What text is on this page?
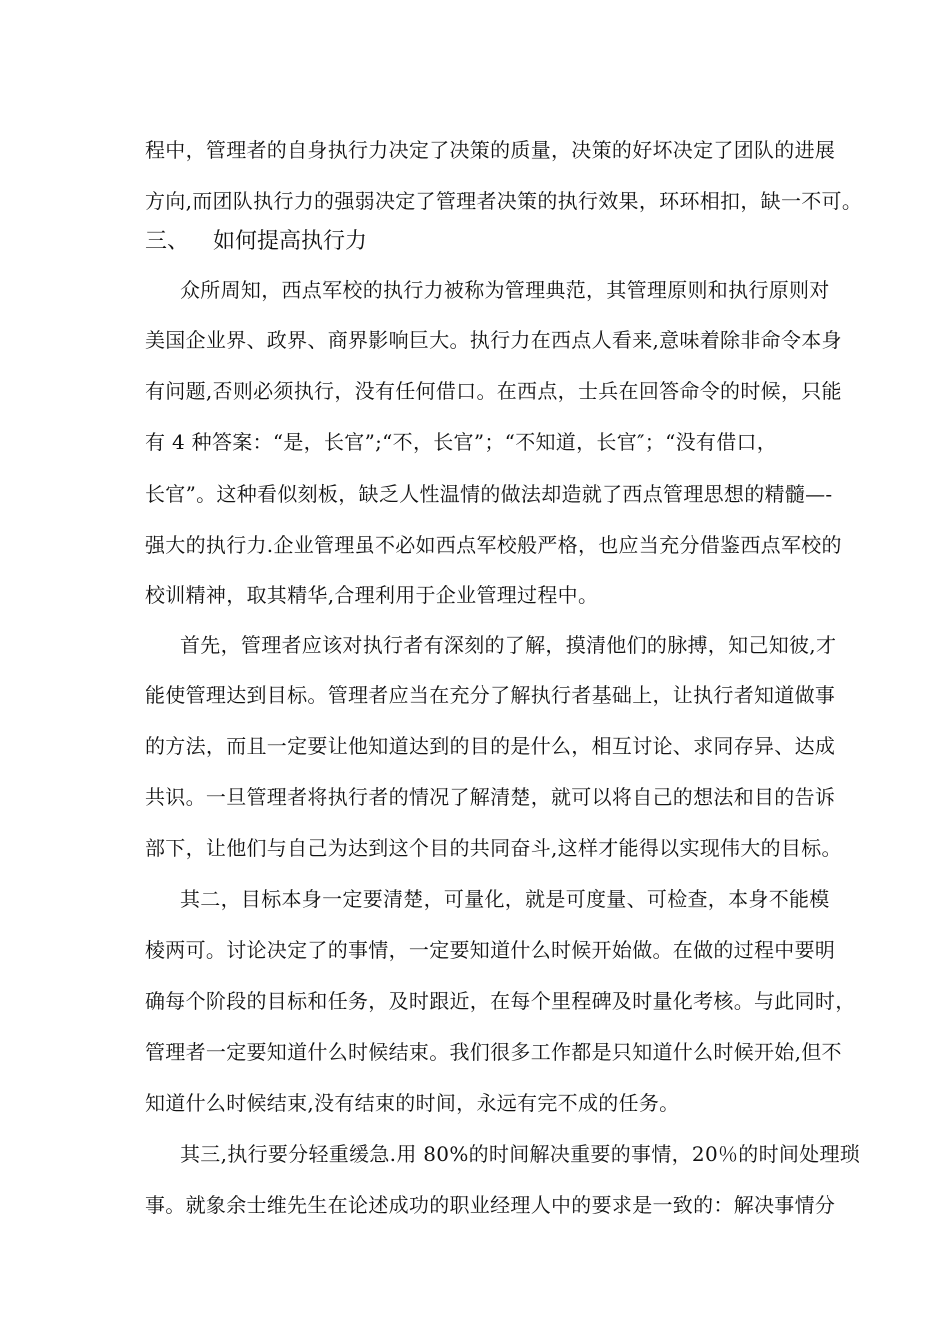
程中，管理者的自身执行力决定了决策的质量，决策的好坏决定了团队的进展
方向,而团队执行力的强弱决定了管理者决策的执行效果，环环相扣，缺一不可。
三、 如何提高执行力
众所周知，西点军校的执行力被称为管理典范，其管理原则和执行原则对
美国企业界、政界、商界影响巨大。执行力在西点人看来,意味着除非命令本身
有问题,否则必须执行，没有任何借口。在西点，士兵在回答命令的时候，只能
有 4 种答案：“是，长官”;“不，长官”；“不知道，长官″；“没有借口，
长官”。这种看似刻板，缺乏人性温情的做法却造就了西点管理思想的精髓—-
强大的执行力.企业管理虽不必如西点军校般严格，也应当充分借鉴西点军校的
校训精神，取其精华,合理利用于企业管理过程中。
首先，管理者应该对执行者有深刻的了解，摸清他们的脉搏，知己知彼,才
能使管理达到目标。管理者应当在充分了解执行者基础上，让执行者知道做事
的方法，而且一定要让他知道达到的目的是什么，相互讨论、求同存异、达成
共识。一旦管理者将执行者的情况了解清楚，就可以将自己的想法和目的告诉
部下，让他们与自己为达到这个目的共同奋斗,这样才能得以实现伟大的目标。
其二，目标本身一定要清楚，可量化，就是可度量、可检查，本身不能模
棱两可。讨论决定了的事情，一定要知道什么时候开始做。在做的过程中要明
确每个阶段的目标和任务，及时跟近，在每个里程碑及时量化考核。与此同时，
管理者一定要知道什么时候结束。我们很多工作都是只知道什么时候开始,但不
知道什么时候结束,没有结束的时间，永远有完不成的任务。
其三,执行要分轻重缓急.用 80%的时间解决重要的事情，20％的时间处理琐
事。就象余士维先生在论述成功的职业经理人中的要求是一致的：解决事情分
